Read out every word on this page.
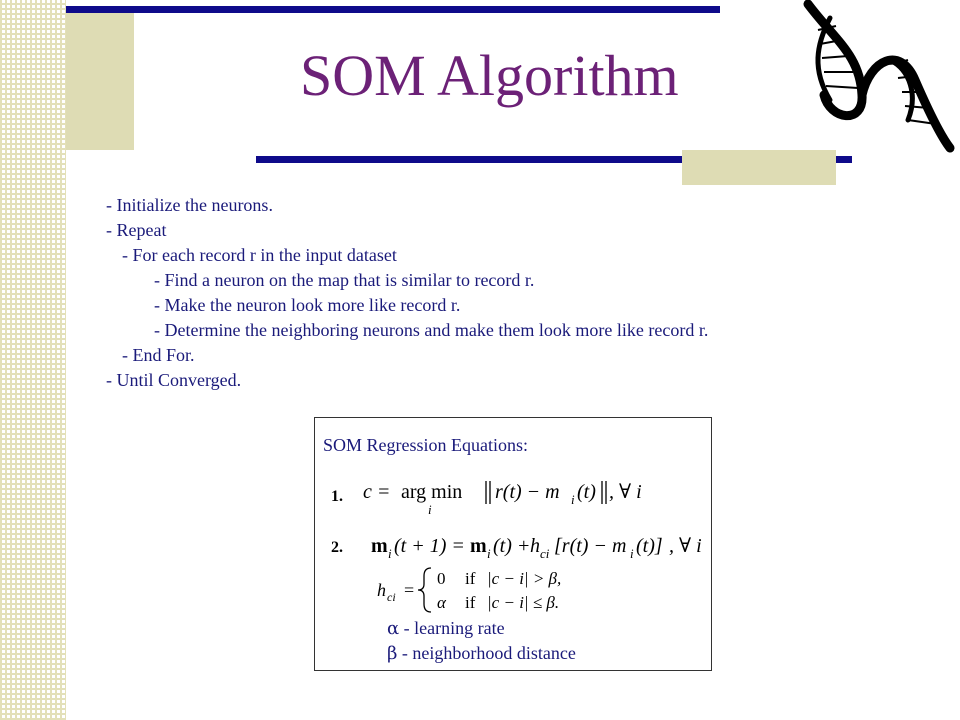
SOM Algorithm
- Initialize the neurons.
- Repeat
- For each record r in the input dataset
- Find a neuron on the map that is similar to record r.
- Make the neuron look more like record r.
- Determine the neighboring neurons and make them look more like record r.
- End For.
- Until Converged.
SOM Regression Equations:
1. c = arg min
i
r(t) − m i (t) , ∀ i
2. m i (t + 1) = m i (t) + h ci [r(t) − m i (t)] , ∀ i
h ci =
0 if |c − i| > β,
α if |c − i| ≤ β.
α - learning rate
β - neighborhood distance
